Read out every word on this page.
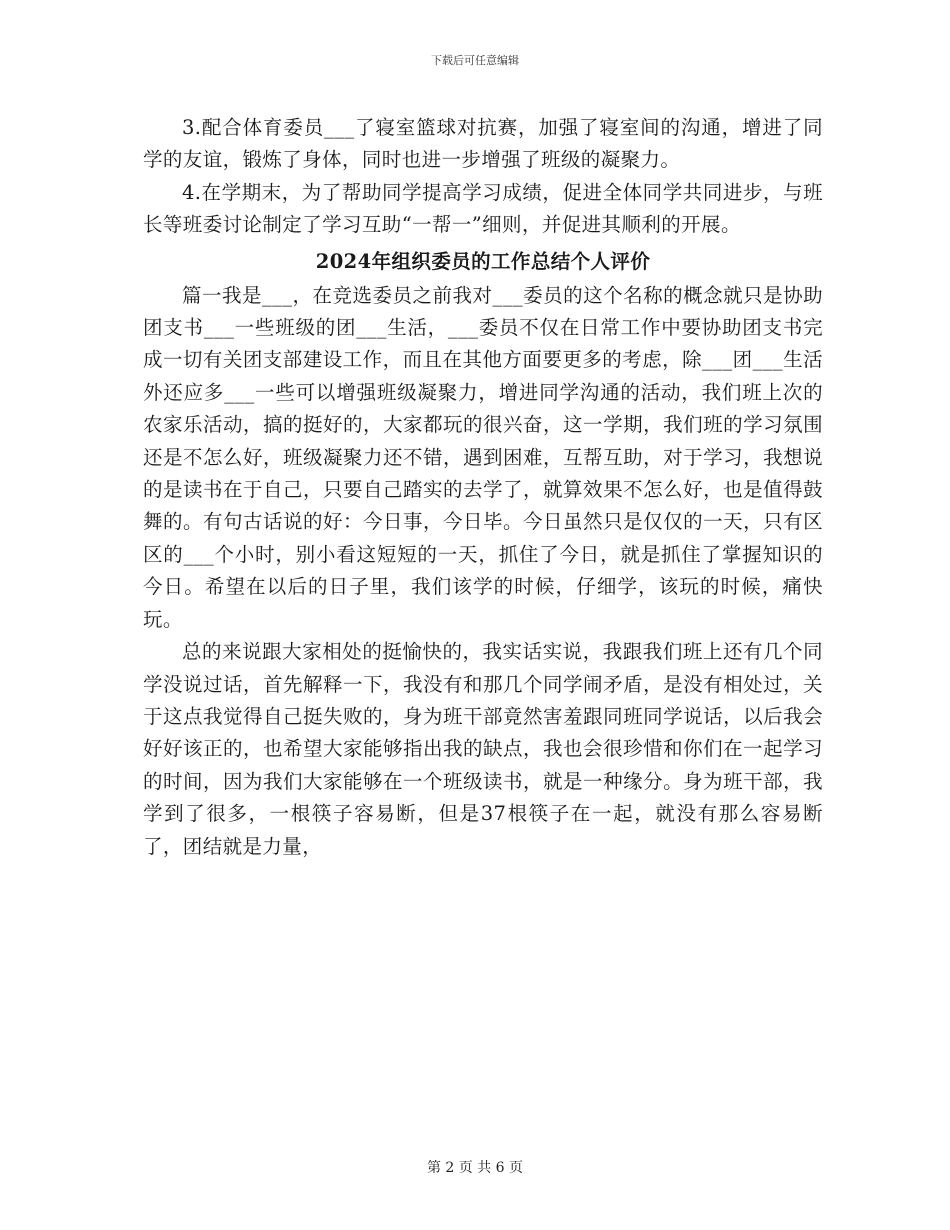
下载后可任意编辑

3.配合体育委员___了寝室篮球对抗赛，加强了寝室间的沟通，增进了同学的友谊，锻炼了身体，同时也进一步增强了班级的凝聚力。

4.在学期末，为了帮助同学提高学习成绩，促进全体同学共同进步，与班长等班委讨论制定了学习互助“一帮一”细则，并促进其顺利的开展。

2024年组织委员的工作总结个人评价

篇一我是___，在竞选委员之前我对___委员的这个名称的概念就只是协助团支书___一些班级的团___生活，___委员不仅在日常工作中要协助团支书完成一切有关团支部建设工作，而且在其他方面要更多的考虑，除___团___生活外还应多___一些可以增强班级凝聚力，增进同学沟通的活动，我们班上次的农家乐活动，搞的挺好的，大家都玩的很兴奋，这一学期，我们班的学习氛围还是不怎么好，班级凝聚力还不错，遇到困难，互帮互助，对于学习，我想说的是读书在于自己，只要自己踏实的去学了，就算效果不怎么好，也是值得鼓舞的。有句古话说的好：今日事，今日毕。今日虽然只是仅仅的一天，只有区区的___个小时，别小看这短短的一天，抓住了今日，就是抓住了掌握知识的今日。希望在以后的日子里，我们该学的时候，仔细学，该玩的时候，痛快玩。

总的来说跟大家相处的挺愉快的，我实话实说，我跟我们班上还有几个同学没说过话，首先解释一下，我没有和那几个同学闹矛盾，是没有相处过，关于这点我觉得自己挺失败的，身为班干部竟然害羞跟同班同学说话，以后我会好好该正的，也希望大家能够指出我的缺点，我也会很珍惜和你们在一起学习的时间，因为我们大家能够在一个班级读书，就是一种缘分。身为班干部，我学到了很多，一根筷子容易断，但是37根筷子在一起，就没有那么容易断了，团结就是力量，

第 2 页 共 6 页
